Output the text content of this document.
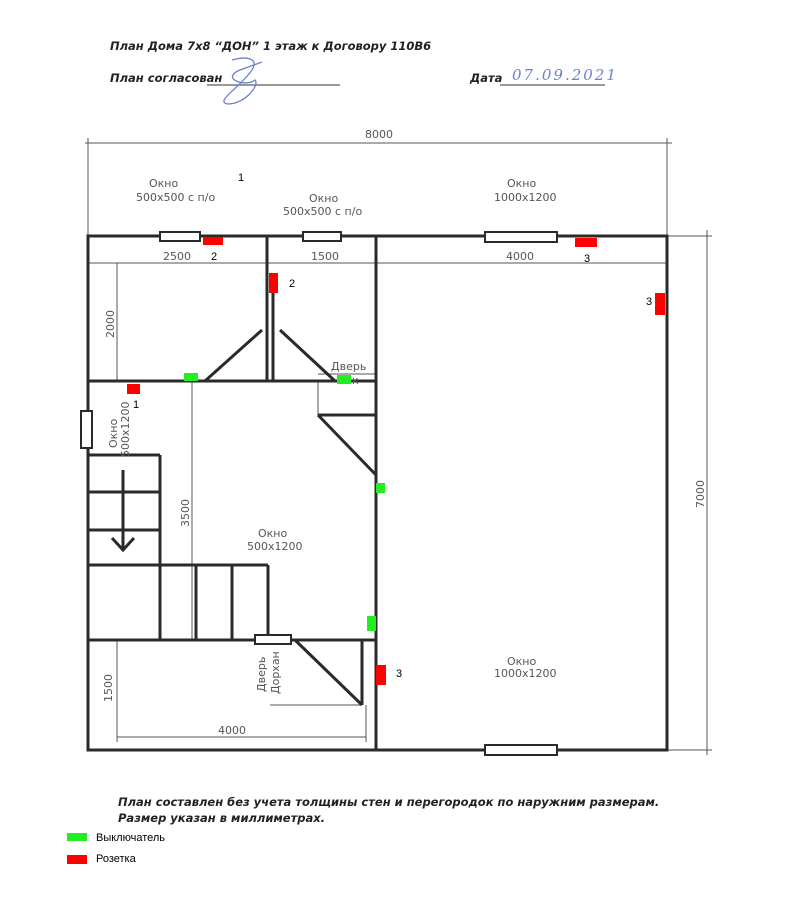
План Дома 7х8 “ДОН” 1 этаж к Договору 110В6
План согласован	Дата 07.09.2021
8000
2500	1500	4000
7000
2000
3500
1500
4000
Окно
500x500 с п/о	Окно
500x500 с п/о
Окно
1000x1200
Окно 500x1200
Окно
500x1200
Окно
1000x1200
Дверь
к
Дверь Дорхан
1
2
2
3
3
1
3
План составлен без учета толщины стен и перегородок по наружним размерам.
Размер указан в миллиметрах.
Выключатель
Розетка
